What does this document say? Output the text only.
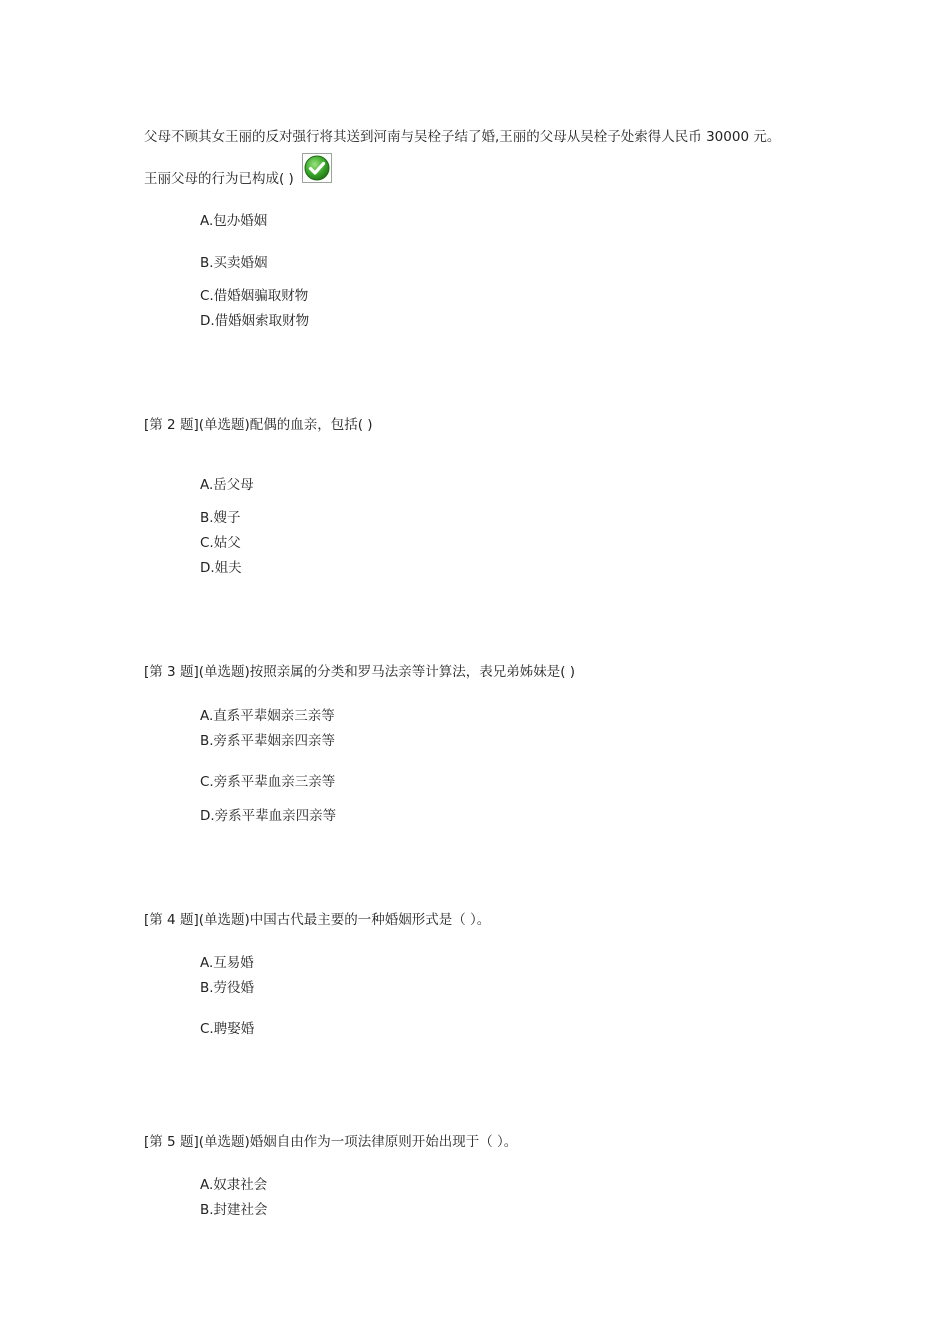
父母不顾其女王丽的反对强行将其送到河南与吴栓子结了婚,王丽的父母从吴栓子处索得人民币 30000 元。
王丽父母的行为已构成( )
A.包办婚姻
B.买卖婚姻
C.借婚姻骗取财物
D.借婚姻索取财物
[第 2 题](单选题)配偶的血亲，包括( )
A.岳父母
B.嫂子
C.姑父
D.姐夫
[第 3 题](单选题)按照亲属的分类和罗马法亲等计算法，表兄弟姊妹是( )
A.直系平辈姻亲三亲等
B.旁系平辈姻亲四亲等
C.旁系平辈血亲三亲等
D.旁系平辈血亲四亲等
[第 4 题](单选题)中国古代最主要的一种婚姻形式是（ ）。
A.互易婚
B.劳役婚
C.聘娶婚
[第 5 题](单选题)婚姻自由作为一项法律原则开始出现于（ ）。
A.奴隶社会
B.封建社会
